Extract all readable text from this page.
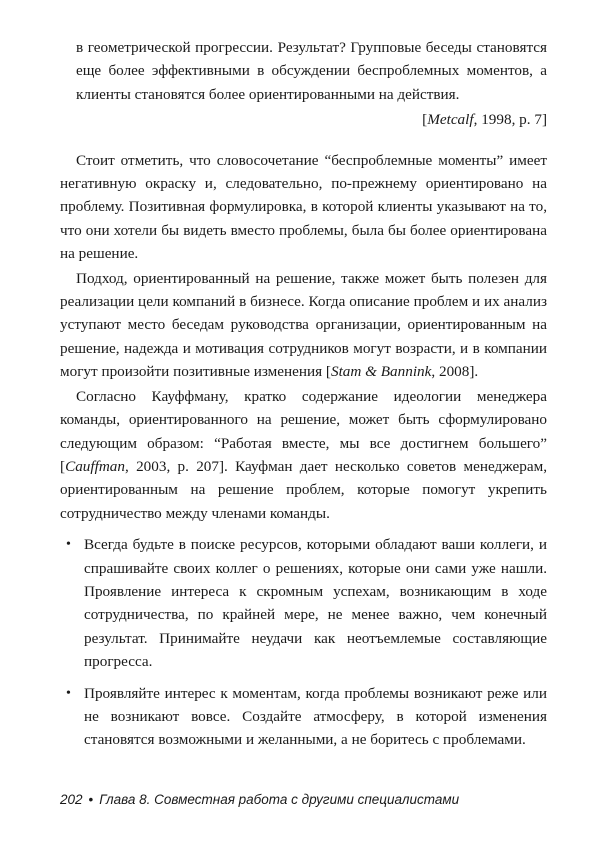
в геометрической прогрессии. Результат? Групповые беседы становятся еще более эффективными в обсуждении беспроблемных моментов, а клиенты становятся более ориентированными на действия.
[Metcalf, 1998, p. 7]

Стоит отметить, что словосочетание “беспроблемные моменты” имеет негативную окраску и, следовательно, по-прежнему ориентировано на проблему. Позитивная формулировка, в которой клиенты указывают на то, что они хотели бы видеть вместо проблемы, была бы более ориентирована на решение.

Подход, ориентированный на решение, также может быть полезен для реализации цели компаний в бизнесе. Когда описание проблем и их анализ уступают место беседам руководства организации, ориентированным на решение, надежда и мотивация сотрудников могут возрасти, и в компании могут произойти позитивные изменения [Stam & Bannink, 2008].

Согласно Кауффману, кратко содержание идеологии менеджера команды, ориентированного на решение, может быть сформулировано следующим образом: “Работая вместе, мы все достигнем большего” [Cauffman, 2003, p. 207]. Кауфман дает несколько советов менеджерам, ориентированным на решение проблем, которые помогут укрепить сотрудничество между членами команды.

• Всегда будьте в поиске ресурсов, которыми обладают ваши коллеги, и спрашивайте своих коллег о решениях, которые они сами уже нашли. Проявление интереса к скромным успехам, возникающим в ходе сотрудничества, по крайней мере, не менее важно, чем конечный результат. Принимайте неудачи как неотъемлемые составляющие прогресса.
• Проявляйте интерес к моментам, когда проблемы возникают реже или не возникают вовсе. Создайте атмосферу, в которой изменения становятся возможными и желанными, а не боритесь с проблемами.
202 • Глава 8. Совместная работа с другими специалистами
